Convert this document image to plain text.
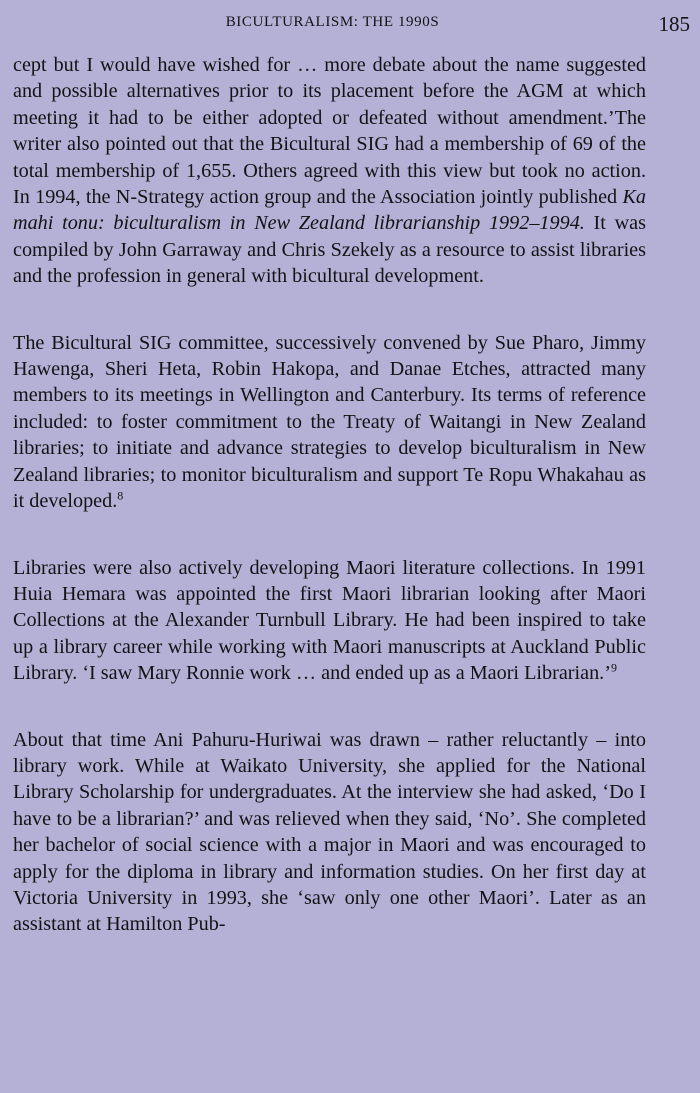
BICULTURALISM: THE 1990S	185

cept but I would have wished for … more debate about the name suggested and possible alternatives prior to its placement before the AGM at which meeting it had to be either adopted or defeated without amendment.’The writer also pointed out that the Bicultural SIG had a membership of 69 of the total membership of 1,655. Others agreed with this view but took no action. In 1994, the N-Strategy action group and the Association jointly published Ka mahi tonu: biculturalism in New Zealand librarianship 1992–1994. It was compiled by John Garraway and Chris Szekely as a resource to assist libraries and the profession in general with bicultural development.

The Bicultural SIG committee, successively convened by Sue Pharo, Jimmy Hawenga, Sheri Heta, Robin Hakopa, and Danae Etches, attracted many members to its meetings in Wellington and Canterbury. Its terms of reference included: to foster commitment to the Treaty of Waitangi in New Zealand libraries; to initiate and advance strategies to develop biculturalism in New Zealand libraries; to monitor biculturalism and support Te Ropu Whakahau as it developed.$^8$

Libraries were also actively developing Maori literature collections. In 1991 Huia Hemara was appointed the first Maori librarian looking after Maori Collections at the Alexander Turnbull Library. He had been inspired to take up a library career while working with Maori manuscripts at Auckland Public Library. ‘I saw Mary Ronnie work … and ended up as a Maori Librarian.’$^9$

About that time Ani Pahuru-Huriwai was drawn – rather reluctantly – into library work. While at Waikato University, she applied for the National Library Scholarship for undergraduates. At the interview she had asked, ‘Do I have to be a librarian?’ and was relieved when they said, ‘No’. She completed her bachelor of social science with a major in Maori and was encouraged to apply for the diploma in library and information studies. On her first day at Victoria University in 1993, she ‘saw only one other Maori’. Later as an assistant at Hamilton Pub-
